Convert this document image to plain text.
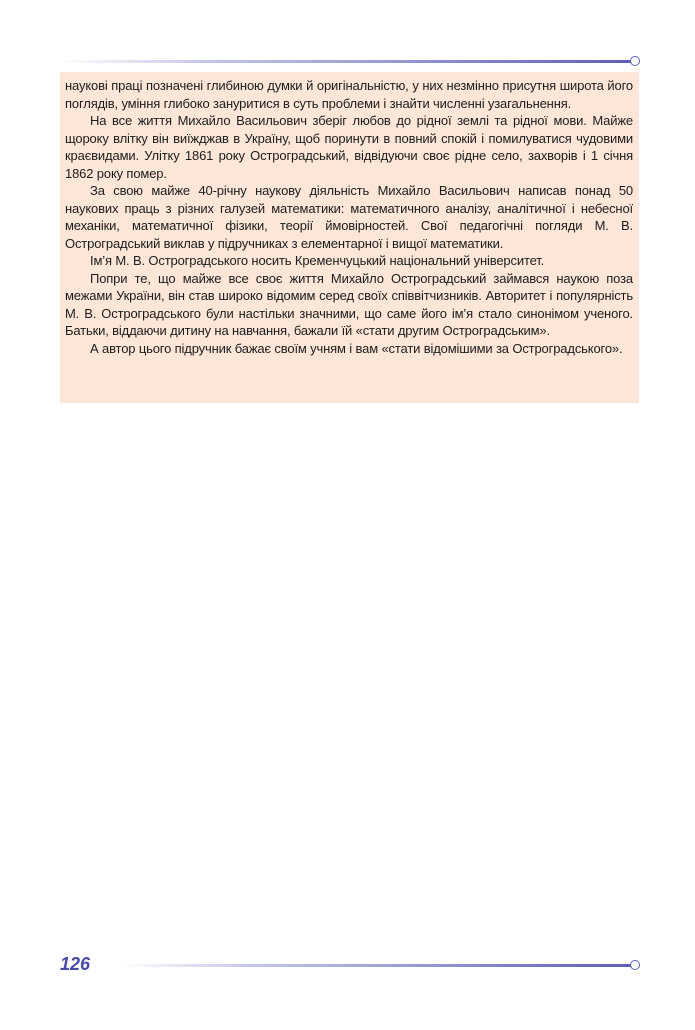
наукові праці позначені глибиною думки й оригінальністю, у них незмінно присутня широта його поглядів, уміння глибоко зануритися в суть проблеми і знайти численні узагальнення.

На все життя Михайло Васильович зберіг любов до рідної землі та рідної мови. Майже щороку влітку він виїжджав в Україну, щоб поринути в повний спокій і помилуватися чудовими краєвидами. Улітку 1861 року Остроградський, відвідуючи своє рідне село, захворів і 1 січня 1862 року помер.

За свою майже 40-річну наукову діяльність Михайло Васильович написав понад 50 наукових праць з різних галузей математики: математичного аналізу, аналітичної і небесної механіки, математичної фізики, теорії ймовірностей. Свої педагогічні погляди М. В. Остроградський виклав у підручниках з елементарної і вищої математики.

Ім’я М. В. Остроградського носить Кременчуцький національний університет.

Попри те, що майже все своє життя Михайло Остроградський займався наукою поза межами України, він став широко відомим серед своїх співвітчизників. Авторитет і популярність М. В. Остроградського були настільки значними, що саме його ім’я стало синонімом ученого. Батьки, віддаючи дитину на навчання, бажали їй «стати другим Остроградським».

А автор цього підручник бажає своїм учням і вам «стати відомішими за Остроградського».

126
